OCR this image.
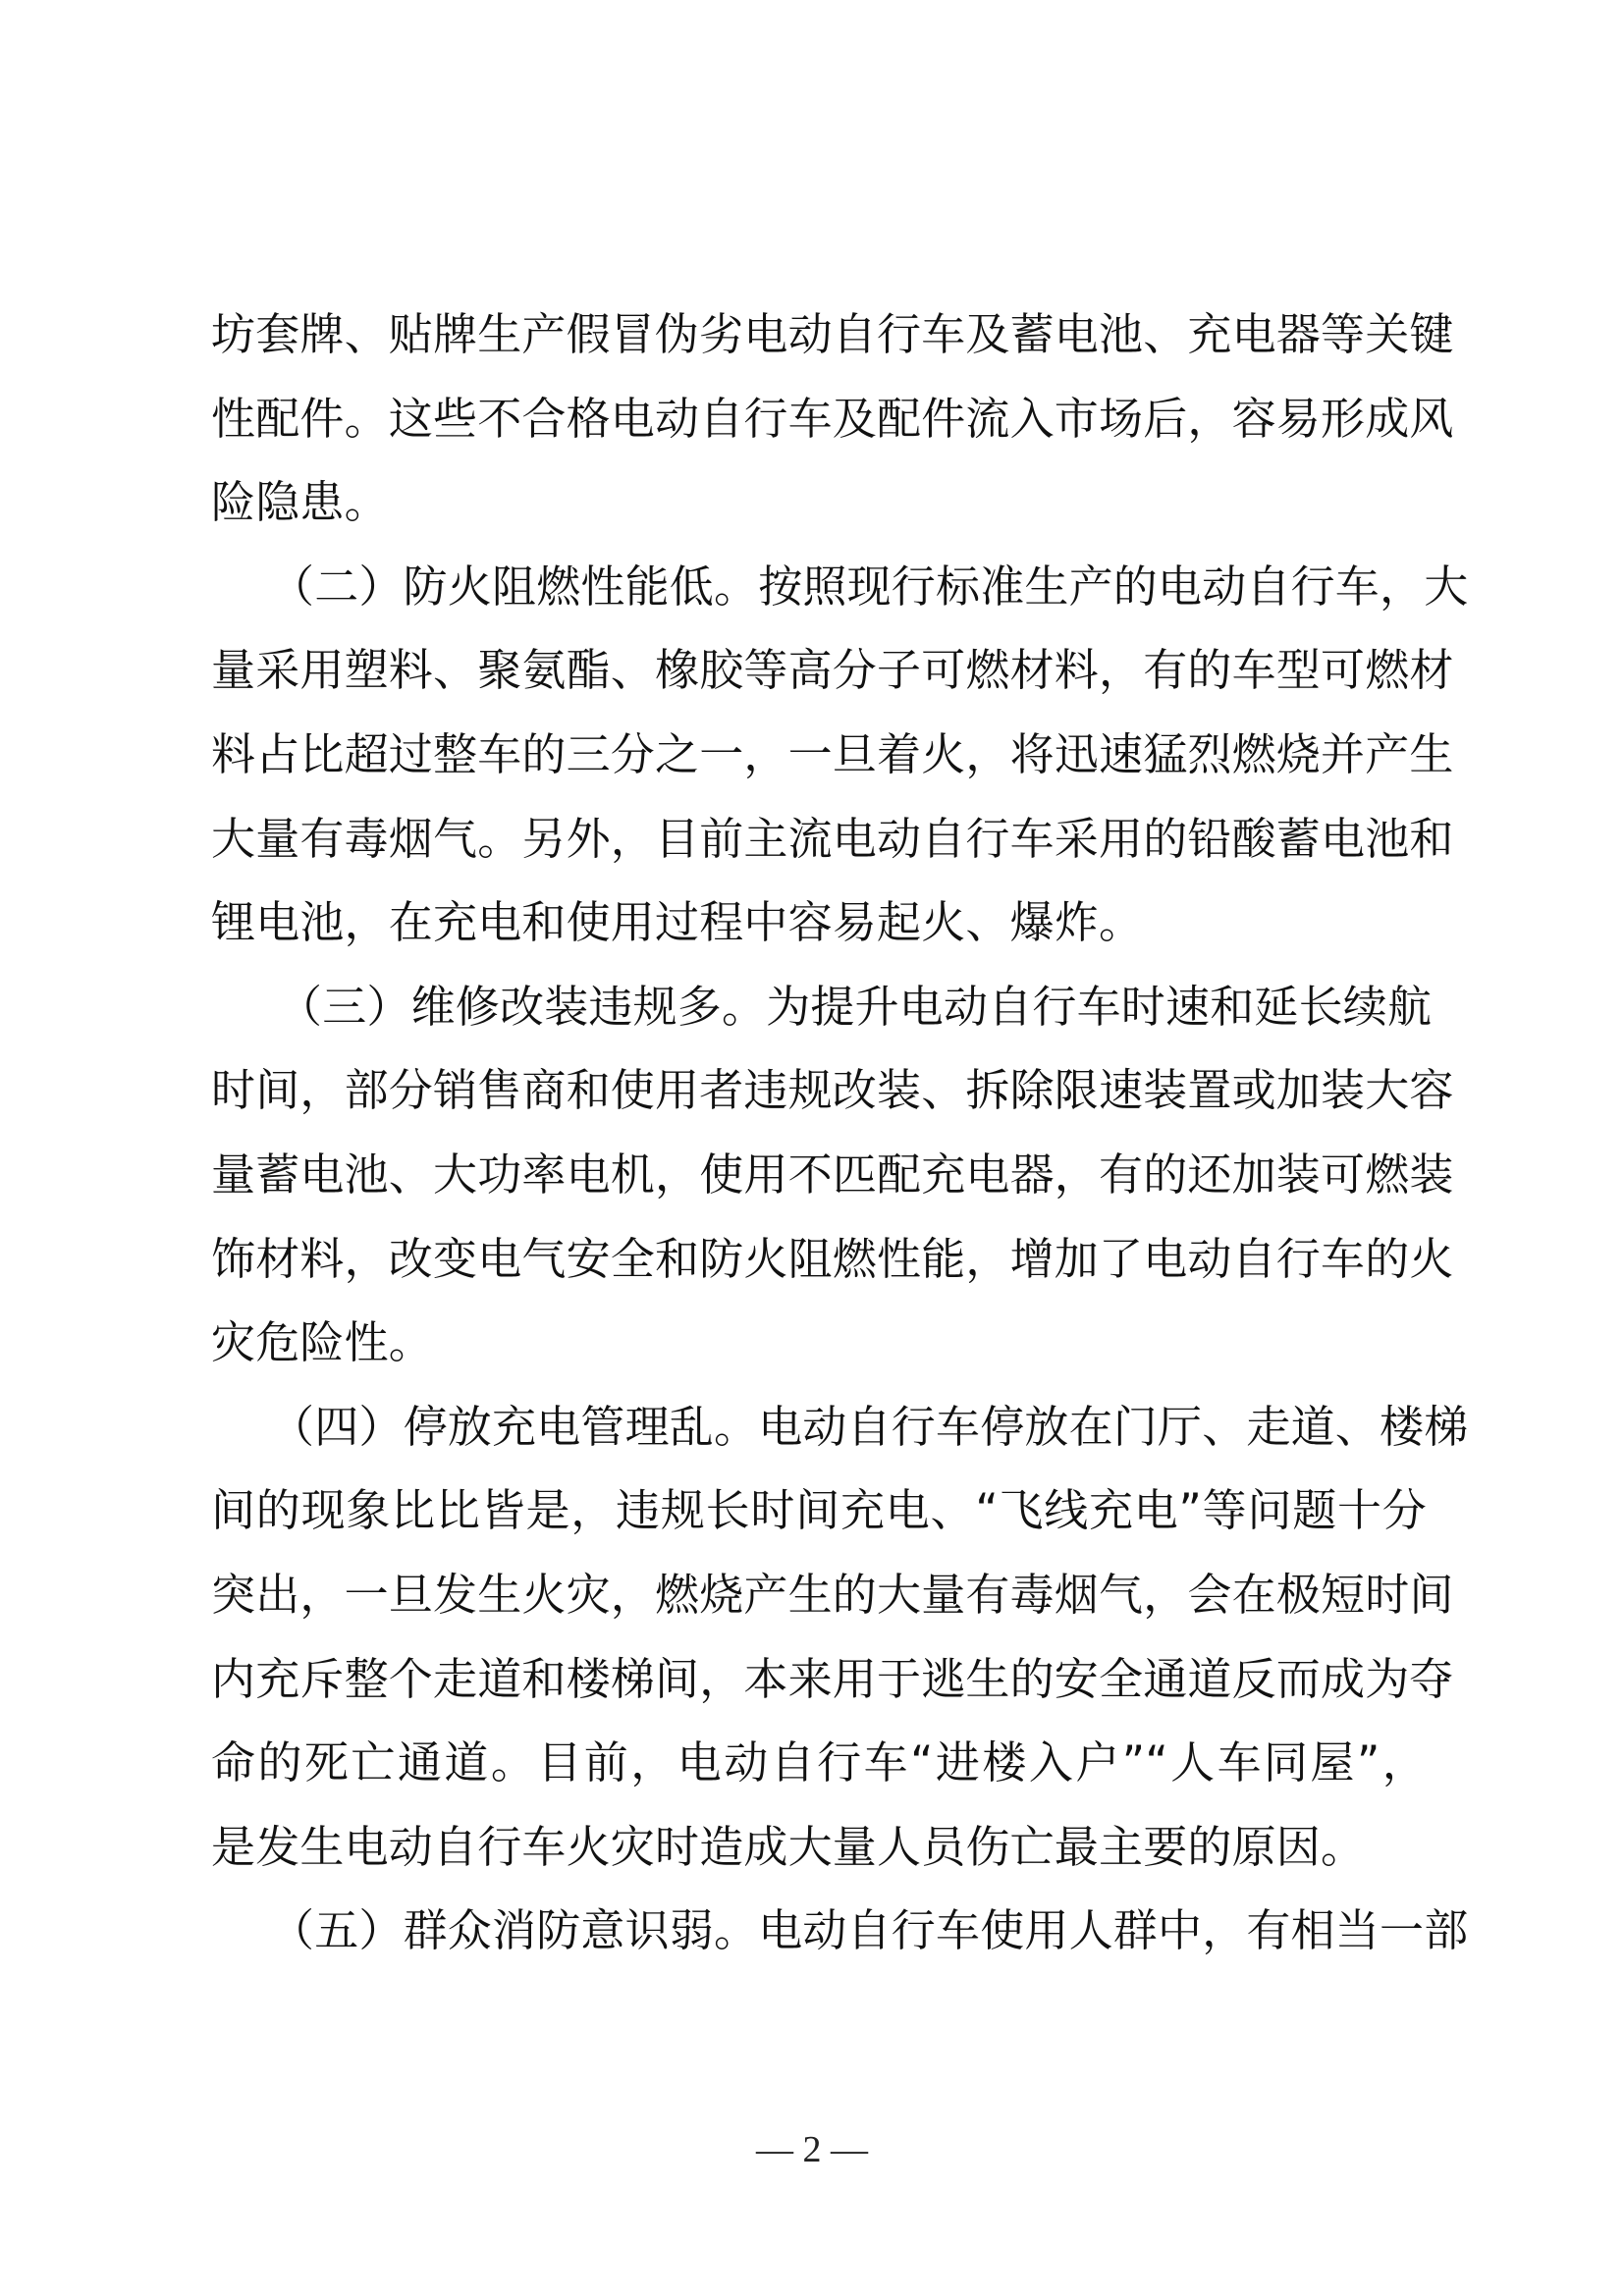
坊套牌、贴牌生产假冒伪劣电动自行车及蓄电池、充电器等关键
性配件。这些不合格电动自行车及配件流入市场后，容易形成风
险隐患。
（二）防火阻燃性能低。按照现行标准生产的电动自行车，大
量采用塑料、聚氨酯、橡胶等高分子可燃材料，有的车型可燃材
料占比超过整车的三分之一，一旦着火，将迅速猛烈燃烧并产生
大量有毒烟气。另外，目前主流电动自行车采用的铅酸蓄电池和
锂电池，在充电和使用过程中容易起火、爆炸。
（三）维修改装违规多。为提升电动自行车时速和延长续航
时间，部分销售商和使用者违规改装、拆除限速装置或加装大容
量蓄电池、大功率电机，使用不匹配充电器，有的还加装可燃装
饰材料，改变电气安全和防火阻燃性能，增加了电动自行车的火
灾危险性。
（四）停放充电管理乱。电动自行车停放在门厅、走道、楼梯
间的现象比比皆是，违规长时间充电、“飞线充电”等问题十分
突出，一旦发生火灾，燃烧产生的大量有毒烟气，会在极短时间
内充斥整个走道和楼梯间，本来用于逃生的安全通道反而成为夺
命的死亡通道。目前，电动自行车“进楼入户”“人车同屋”，
是发生电动自行车火灾时造成大量人员伤亡最主要的原因。
（五）群众消防意识弱。电动自行车使用人群中，有相当一部
— 2 —
